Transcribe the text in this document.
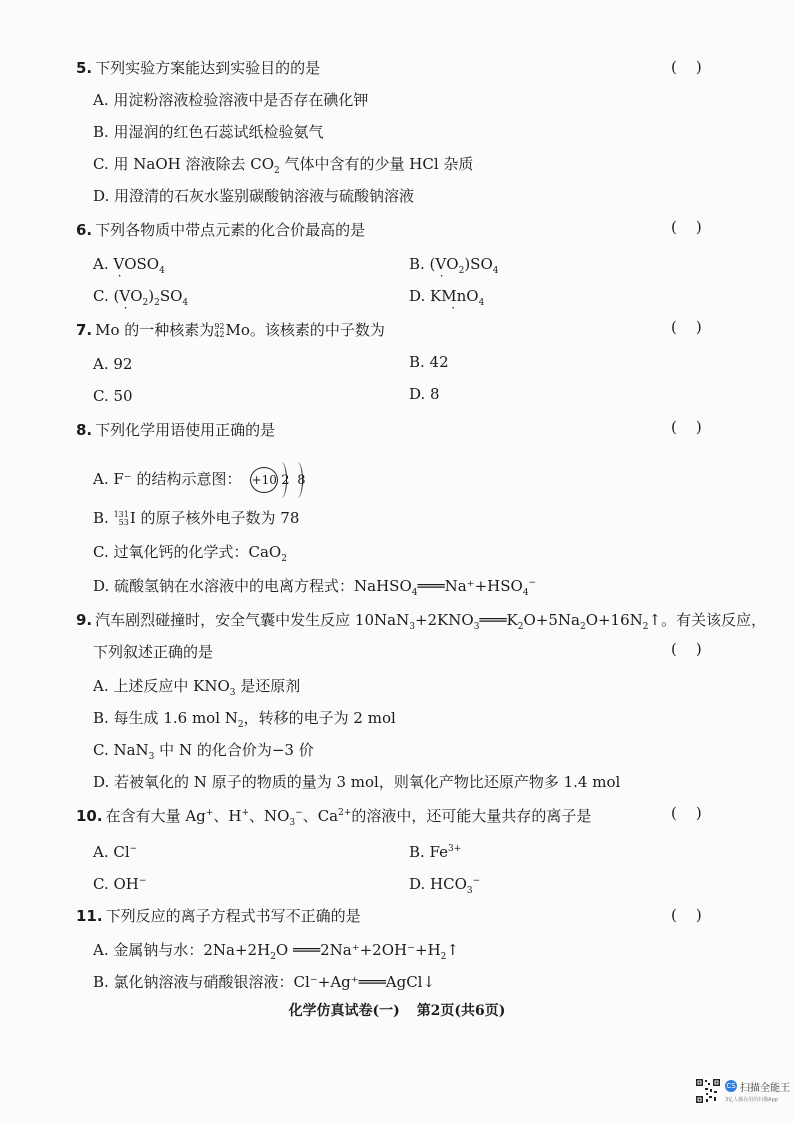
5. 下列实验方案能达到实验目的的是	(    )
A. 用淀粉溶液检验溶液中是否存在碘化钾
B. 用湿润的红色石蕊试纸检验氨气
C. 用 NaOH 溶液除去 $CO_2$ 气体中含有的少量 HCl 杂质
D. 用澄清的石灰水鉴别碳酸钠溶液与硫酸钠溶液
6. 下列各物质中带点元素的化合价最高的是	(    )
A. $V \cdot OSO_4$	B. $(V \cdot O_2)SO_4$
C. $(V \cdot O_2)_2SO_4$	D. KMn $\cdot O_4$
7. Mo 的一种核素为 92
42 Mo。该核素的中子数为	(    )
A. 92	B. 42
C. 50	D. 8
8. 下列化学用语使用正确的是	(    )
A. F⁻ 的结构示意图： +10 2 8
B. 131
53 I 的原子核外电子数为 78
C. 过氧化钙的化学式：CaO$_2$
D. 硫酸氢钠在水溶液中的电离方程式：$NaHSO_4═══Na^++HSO_4^-$
9. 汽车剧烈碰撞时，安全气囊中发生反应 $10NaN_3+2KNO_3═══K_2O+5Na_2O+16N_2↑$。有关该反应，
下列叙述正确的是	(    )
A. 上述反应中 $KNO_3$ 是还原剂
B. 每生成 1.6 mol $N_2$，转移的电子为 2 mol
C. NaN$_3$ 中 N 的化合价为−3 价
D. 若被氧化的 N 原子的物质的量为 3 mol，则氧化产物比还原产物多 1.4 mol
10. 在含有大量 Ag+、H+、$NO_3^-$、$Ca^{2+}$的溶液中，还可能大量共存的离子是	(    )
A. Cl−	B. $Fe^{3+}$
C. OH−	D. $HCO_3^-$
11. 下列反应的离子方程式书写不正确的是	(    )
A. 金属钠与水：$2Na+2H_2O$ $═══2Na^++2OH^-+H_2↑$
B. 氯化钠溶液与硝酸银溶液：Cl⁻+Ag⁺═══AgCl↓
化学仿真试卷(一) 第2页(共6页)
CS 扫描全能王
3亿人都在用的扫描App
